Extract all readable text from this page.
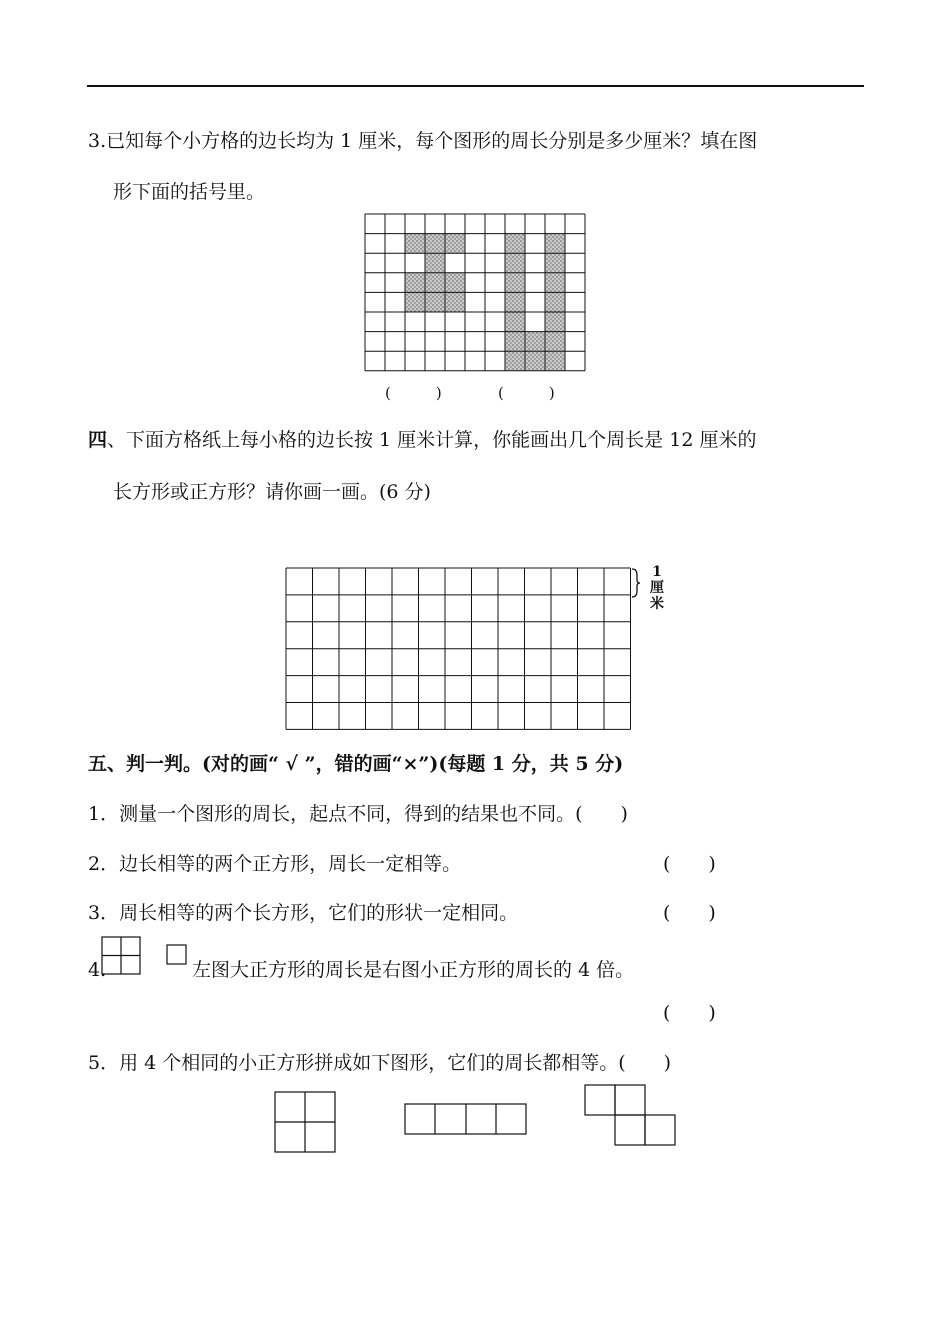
3.已知每个小方格的边长均为 1 厘米，每个图形的周长分别是多少厘米？填在图
形下面的括号里。
(　　　)	(　　　)
四、下面方格纸上每小格的边长按 1 厘米计算，你能画出几个周长是 12 厘米的
长方形或正方形？请你画一画。(6 分)
1厘米
五、判一判。(对的画“ √ ”，错的画“×”)(每题 1 分，共 5 分)
1．测量一个图形的周长，起点不同，得到的结果也不同。(　　)
2．边长相等的两个正方形，周长一定相等。	(　　)
3．周长相等的两个长方形，它们的形状一定相同。	(　　)
4.	左图大正方形的周长是右图小正方形的周长的 4 倍。
(　　)
5．用 4 个相同的小正方形拼成如下图形，它们的周长都相等。(　　)
